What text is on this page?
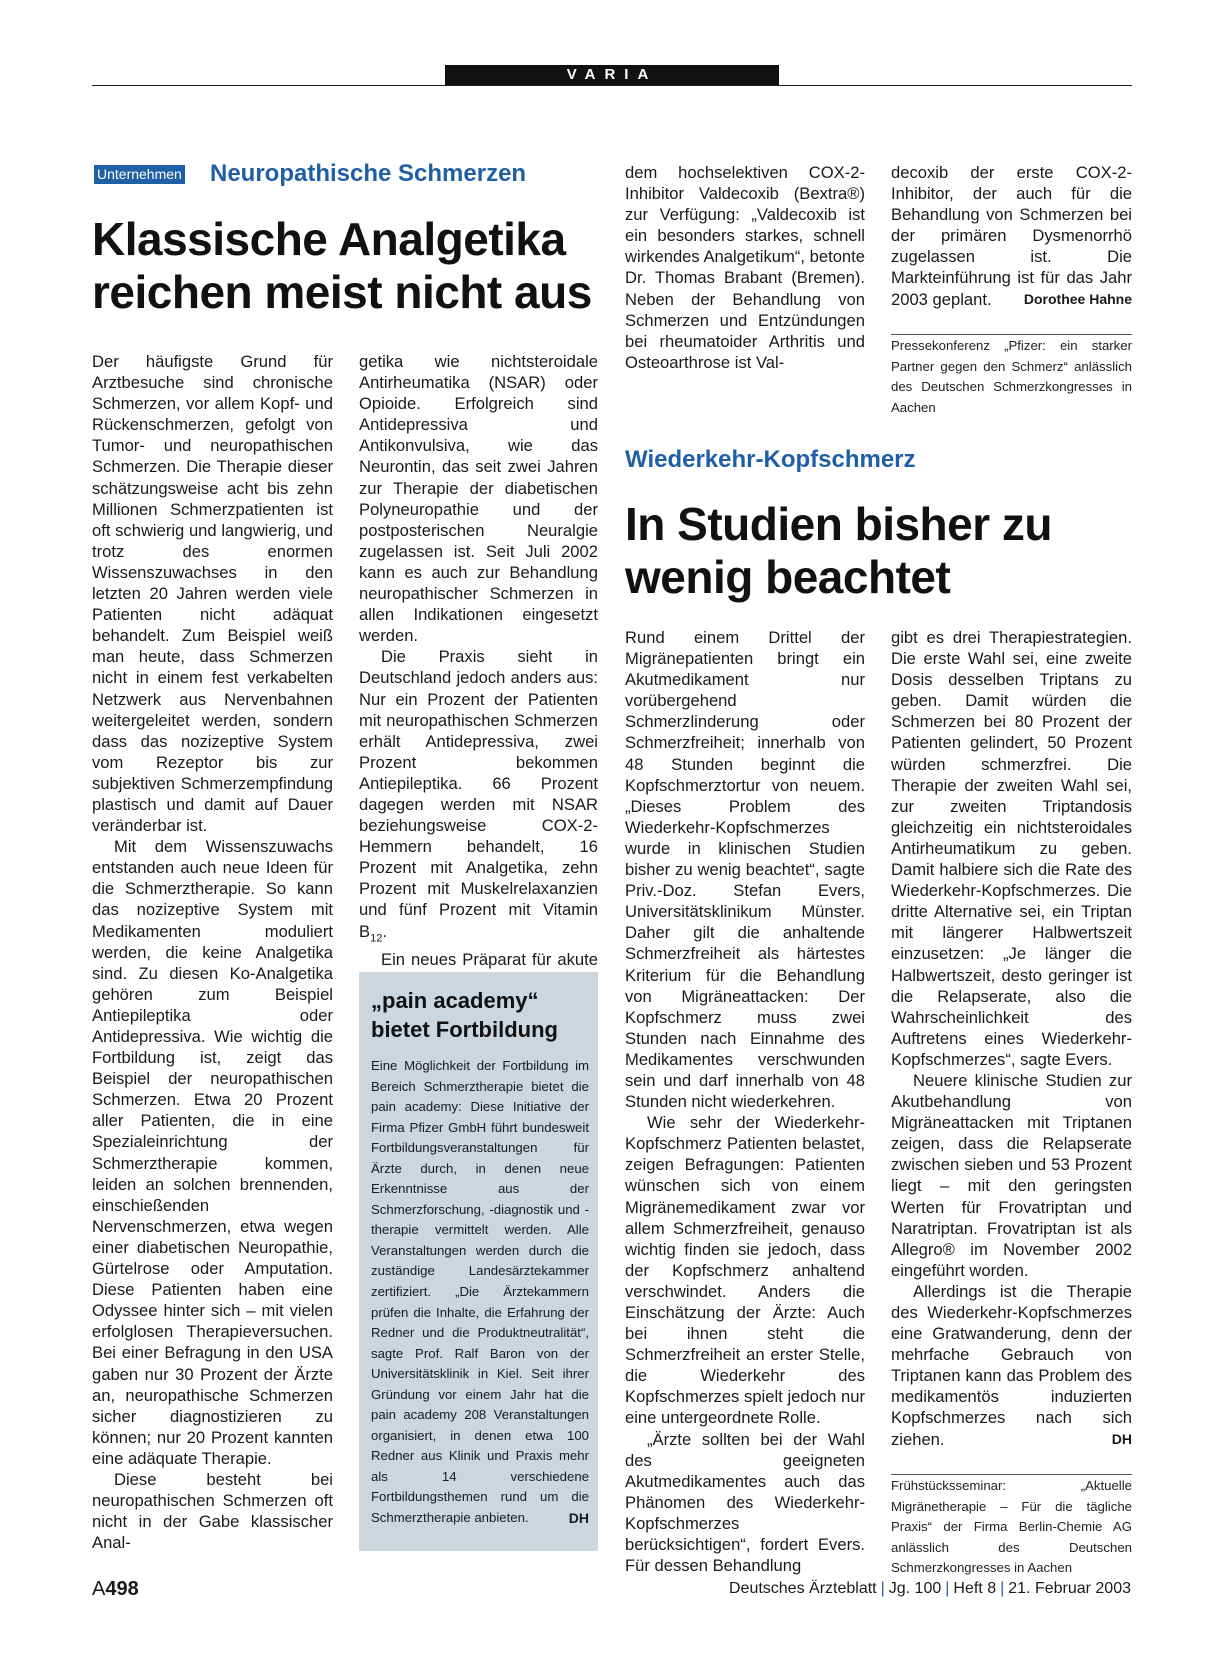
VARIA
Unternehmen Neuropathische Schmerzen
Klassische Analgetika
reichen meist nicht aus

Der häufigste Grund für Arztbesuche sind chronische Schmerzen, vor allem Kopf- und Rückenschmerzen, gefolgt von Tumor- und neuropathischen Schmerzen. Die Therapie dieser schätzungsweise acht bis zehn Millionen Schmerzpatienten ist oft schwierig und langwierig, und trotz des enormen Wissenszuwachses in den letzten 20 Jahren werden viele Patienten nicht adäquat behandelt. Zum Beispiel weiß man heute, dass Schmerzen nicht in einem fest verkabelten Netzwerk aus Nervenbahnen weitergeleitet werden, sondern dass das nozizeptive System vom Rezeptor bis zur subjektiven Schmerzempfindung plastisch und damit auf Dauer veränderbar ist.

Mit dem Wissenszuwachs entstanden auch neue Ideen für die Schmerztherapie. So kann das nozizeptive System mit Medikamenten moduliert werden, die keine Analgetika sind. Zu diesen Ko-Analgetika gehören zum Beispiel Antiepileptika oder Antidepressiva. Wie wichtig die Fortbildung ist, zeigt das Beispiel der neuropathischen Schmerzen. Etwa 20 Prozent aller Patienten, die in eine Spezialeinrichtung der Schmerztherapie kommen, leiden an solchen brennenden, einschießenden Nervenschmerzen, etwa wegen einer diabetischen Neuropathie, Gürtelrose oder Amputation. Diese Patienten haben eine Odyssee hinter sich – mit vielen erfolglosen Therapieversuchen. Bei einer Befragung in den USA gaben nur 30 Prozent der Ärzte an, neuropathische Schmerzen sicher diagnostizieren zu können; nur 20 Prozent kannten eine adäquate Therapie.

Diese besteht bei neuropathischen Schmerzen oft nicht in der Gabe klassischer Anal-

getika wie nichtsteroidale Antirheumatika (NSAR) oder Opioide. Erfolgreich sind Antidepressiva und Antikonvulsiva, wie das Neurontin, das seit zwei Jahren zur Therapie der diabetischen Polyneuropathie und der postposterischen Neuralgie zugelassen ist. Seit Juli 2002 kann es auch zur Behandlung neuropathischer Schmerzen in allen Indikationen eingesetzt werden.

Die Praxis sieht in Deutschland jedoch anders aus: Nur ein Prozent der Patienten mit neuropathischen Schmerzen erhält Antidepressiva, zwei Prozent bekommen Antiepileptika. 66 Prozent dagegen werden mit NSAR beziehungsweise COX-2-Hemmern behandelt, 16 Prozent mit Analgetika, zehn Prozent mit Muskelrelaxanzien und fünf Prozent mit Vitamin $B_{12}$.

Ein neues Präparat für akute

„pain academy“
bietet Fortbildung
Eine Möglichkeit der Fortbildung im Bereich Schmerztherapie bietet die pain academy: Diese Initiative der Firma Pfizer GmbH führt bundesweit Fortbildungsveranstaltungen für Ärzte durch, in denen neue Erkenntnisse aus der Schmerzforschung, -diagnostik und -therapie vermittelt werden. Alle Veranstaltungen werden durch die zuständige Landesärztekammer zertifiziert. „Die Ärztekammern prüfen die Inhalte, die Erfahrung der Redner und die Produktneutralität“, sagte Prof. Ralf Baron von der Universitätsklinik in Kiel. Seit ihrer Gründung vor einem Jahr hat die pain academy 208 Veranstaltungen organisiert, in denen etwa 100 Redner aus Klinik und Praxis mehr als 14 verschiedene Fortbildungsthemen rund um die Schmerztherapie anbieten.	DH

dem hochselektiven COX-2-Inhibitor Valdecoxib (Bextra®) zur Verfügung: „Valdecoxib ist ein besonders starkes, schnell wirkendes Analgetikum“, betonte Dr. Thomas Brabant (Bremen). Neben der Behandlung von Schmerzen und Entzündungen bei rheumatoider Arthritis und Osteoarthrose ist Val-

decoxib der erste COX-2-Inhibitor, der auch für die Behandlung von Schmerzen bei der primären Dysmenorrhö zugelassen ist. Die Markteinführung ist für das Jahr 2003 geplant. Dorothee Hahne

Pressekonferenz „Pfizer: ein starker Partner gegen den Schmerz“ anlässlich des Deutschen Schmerzkongresses in Aachen
Wiederkehr-Kopfschmerz
In Studien bisher zu
wenig beachtet

Rund einem Drittel der Migränepatienten bringt ein Akutmedikament nur vorübergehend Schmerzlinderung oder Schmerzfreiheit; innerhalb von 48 Stunden beginnt die Kopfschmerztortur von neuem. „Dieses Problem des Wiederkehr-Kopfschmerzes wurde in klinischen Studien bisher zu wenig beachtet“, sagte Priv.-Doz. Stefan Evers, Universitätsklinikum Münster. Daher gilt die anhaltende Schmerzfreiheit als härtestes Kriterium für die Behandlung von Migräneattacken: Der Kopfschmerz muss zwei Stunden nach Einnahme des Medikamentes verschwunden sein und darf innerhalb von 48 Stunden nicht wiederkehren.

Wie sehr der Wiederkehr-Kopfschmerz Patienten belastet, zeigen Befragungen: Patienten wünschen sich von einem Migränemedikament zwar vor allem Schmerzfreiheit, genauso wichtig finden sie jedoch, dass der Kopfschmerz anhaltend verschwindet. Anders die Einschätzung der Ärzte: Auch bei ihnen steht die Schmerzfreiheit an erster Stelle, die Wiederkehr des Kopfschmerzes spielt jedoch nur eine untergeordnete Rolle.

„Ärzte sollten bei der Wahl des geeigneten Akutmedikamentes auch das Phänomen des Wiederkehr-Kopfschmerzes berücksichtigen“, fordert Evers. Für dessen Behandlung

gibt es drei Therapiestrategien. Die erste Wahl sei, eine zweite Dosis desselben Triptans zu geben. Damit würden die Schmerzen bei 80 Prozent der Patienten gelindert, 50 Prozent würden schmerzfrei. Die Therapie der zweiten Wahl sei, zur zweiten Triptandosis gleichzeitig ein nichtsteroidales Antirheumatikum zu geben. Damit halbiere sich die Rate des Wiederkehr-Kopfschmerzes. Die dritte Alternative sei, ein Triptan mit längerer Halbwertszeit einzusetzen: „Je länger die Halbwertszeit, desto geringer ist die Relapserate, also die Wahrscheinlichkeit des Auftretens eines Wiederkehr-Kopfschmerzes“, sagte Evers.

Neuere klinische Studien zur Akutbehandlung von Migräneattacken mit Triptanen zeigen, dass die Relapserate zwischen sieben und 53 Prozent liegt – mit den geringsten Werten für Frovatriptan und Naratriptan. Frovatriptan ist als Allegro® im November 2002 eingeführt worden.

Allerdings ist die Therapie des Wiederkehr-Kopfschmerzes eine Gratwanderung, denn der mehrfache Gebrauch von Triptanen kann das Problem des medikamentös induzierten Kopfschmerzes nach sich ziehen.	DH

Frühstücksseminar: „Aktuelle Migränetherapie – Für die tägliche Praxis“ der Firma Berlin-Chemie AG anlässlich des Deutschen Schmerzkongresses in Aachen
A498	Deutsches Ärzteblatt | Jg. 100 | Heft 8 | 21. Februar 2003
